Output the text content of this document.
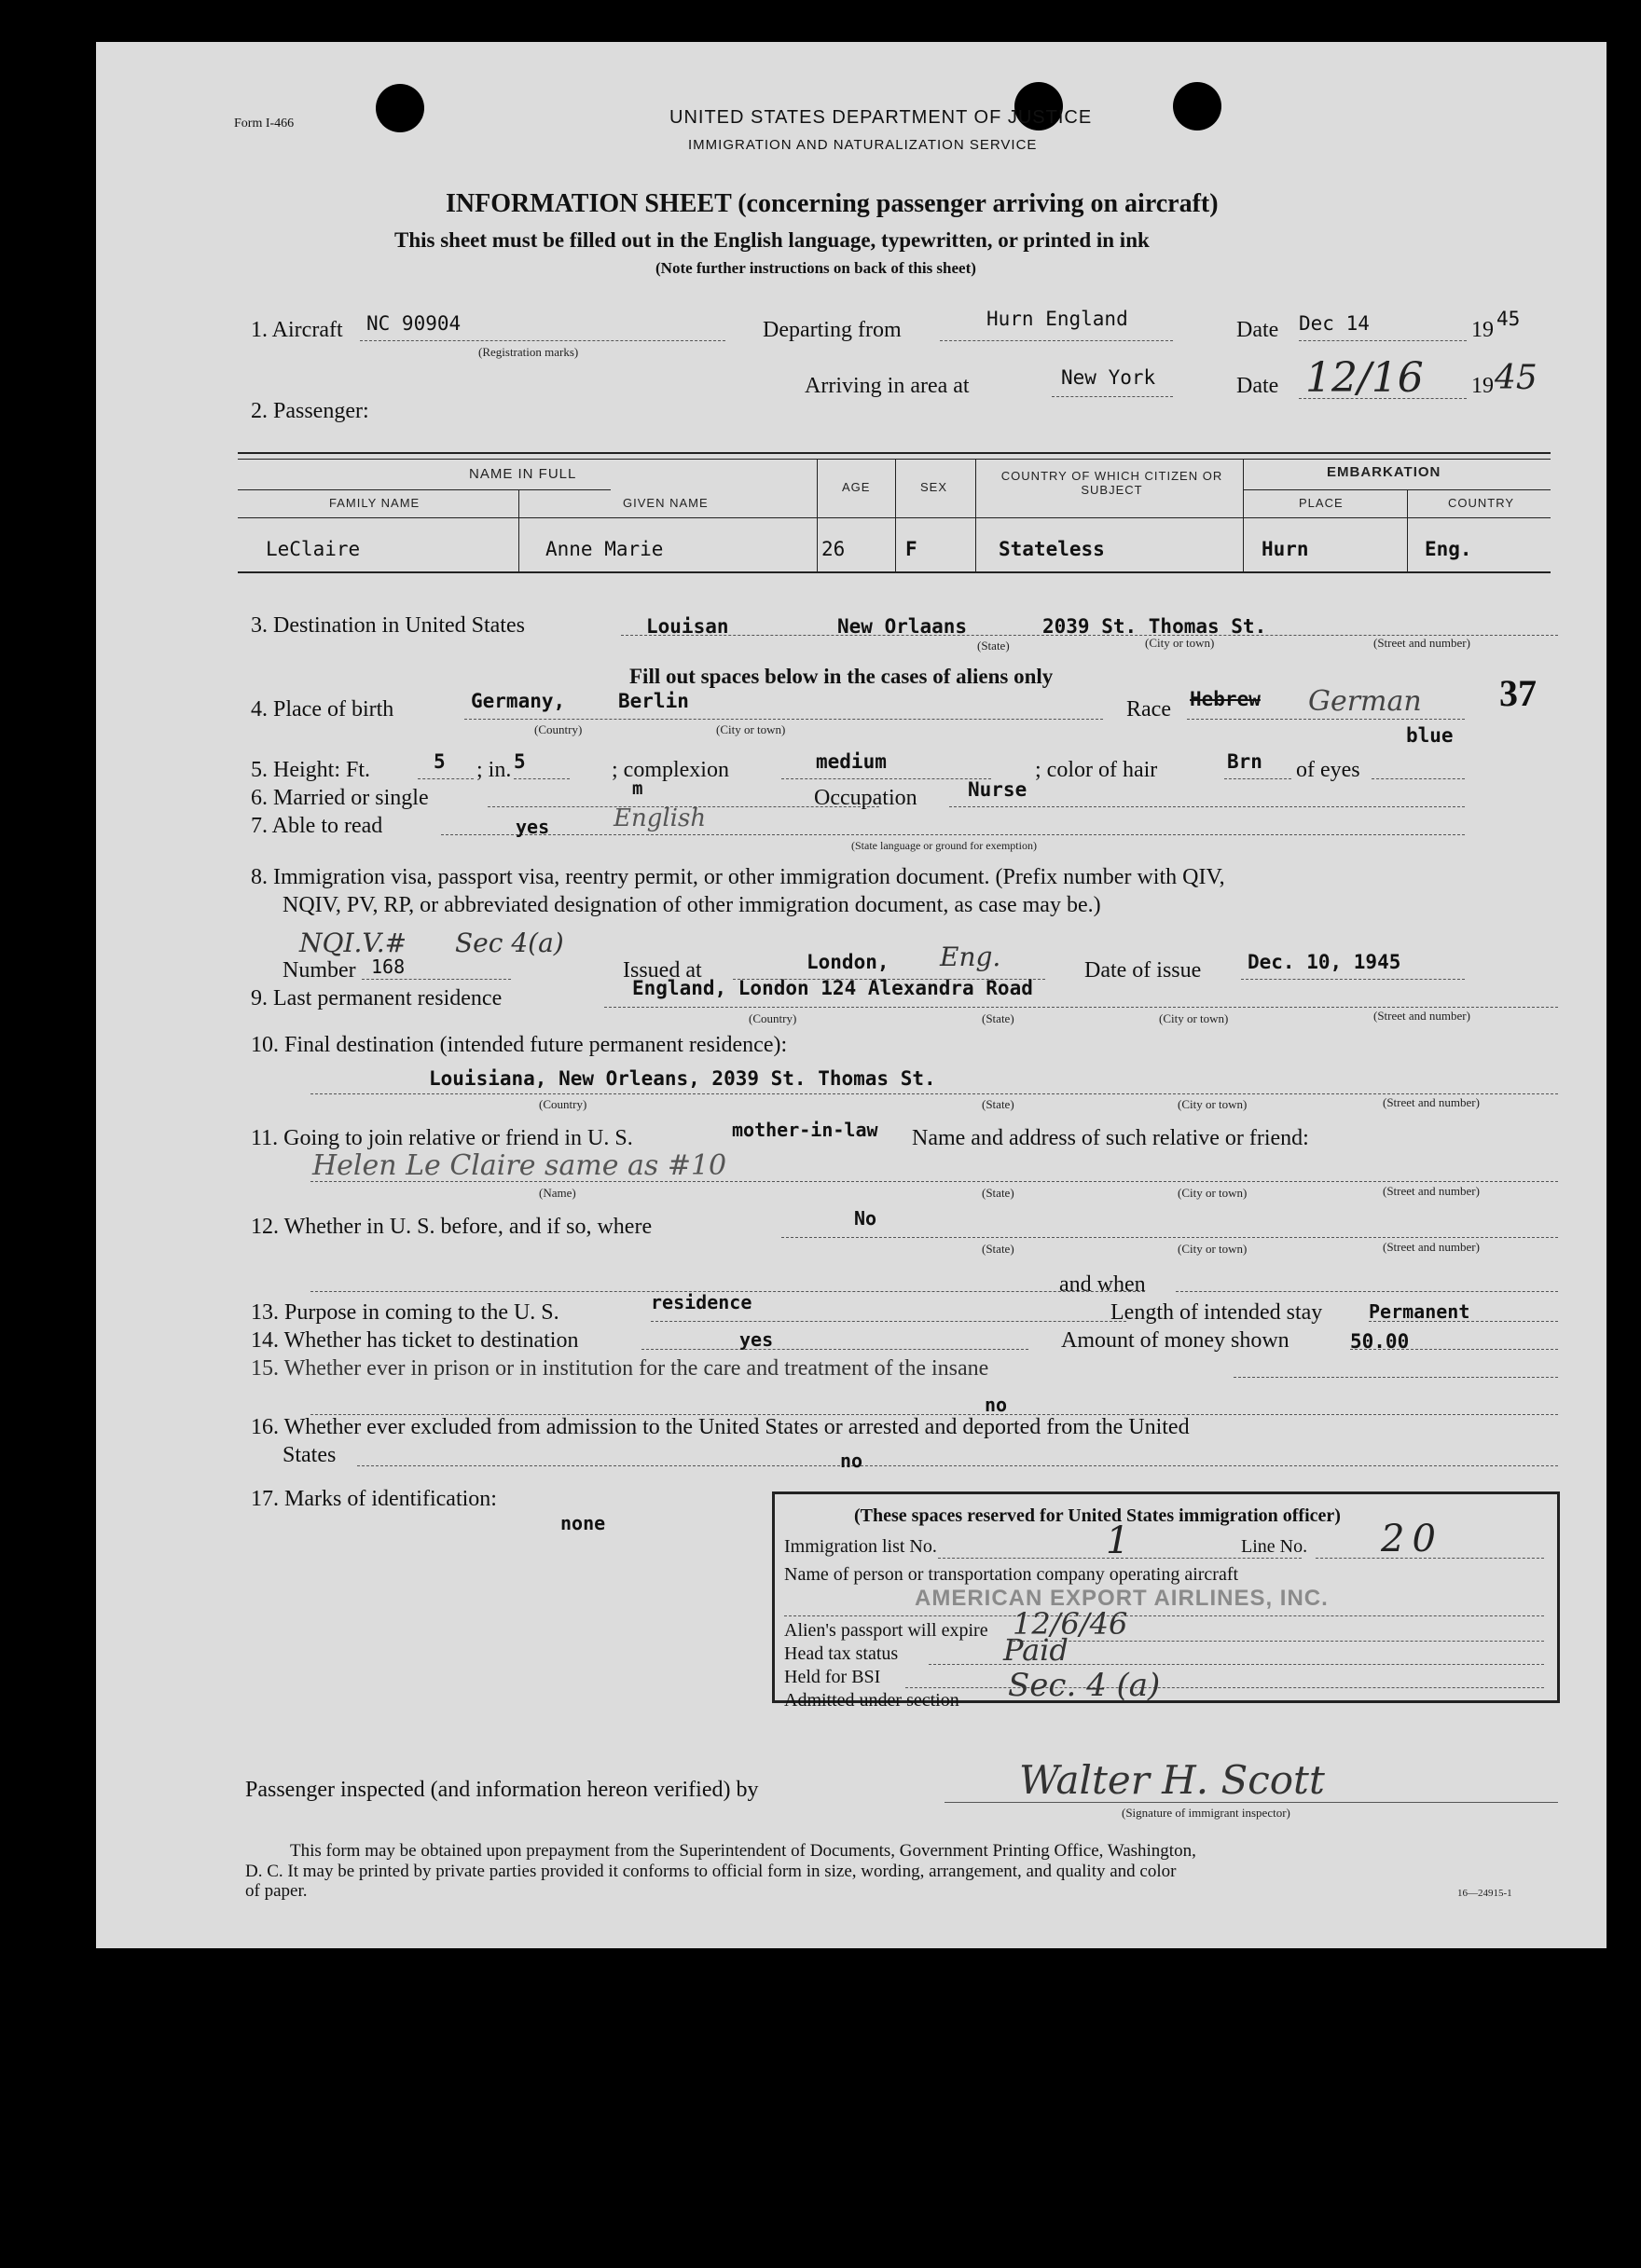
Form I-466	UNITED STATES DEPARTMENT OF JUSTICE
IMMIGRATION AND NATURALIZATION SERVICE
INFORMATION SHEET (concerning passenger arriving on aircraft)
This sheet must be filled out in the English language, typewritten, or printed in ink
(Note further instructions on back of this sheet)
1. Aircraft NC 90904
(Registration marks)
Departing from	Hurn England	Date Dec 14	19 45
Arriving in area at	New York	Date 12/16 19 45
2. Passenger:
NAME IN FULL
FAMILY NAME	GIVEN NAME
AGE	SEX
COUNTRY OF WHICH CITIZEN OR SUBJECT
EMBARKATION
PLACE	COUNTRY
LeClaire	Anne Marie	26	F	Stateless	Hurn	Eng.
3. Destination in United States	Louisan	New Orlaans	2039 St. Thomas St.
(State)	(City or town)	(Street and number)
Fill out spaces below in the cases of aliens only
4. Place of birth	Germany,	Berlin
(Country)	(City or town)
Race Hebrew German 37
5. Height: Ft.	5 ; in. 5	; complexion	medium	; color of hair	Brn of eyes
blue
6. Married or single	m	Occupation	Nurse
7. Able to read	yes	English
(State language or ground for exemption)
8. Immigration visa, passport visa, reentry permit, or other immigration document. (Prefix number with QIV,
NQIV, PV, RP, or abbreviated designation of other immigration document, as case may be.)
NQI.V.# Sec 4(a)
Number 168	Issued at	London, Eng.	Date of issue Dec. 10, 1945
9. Last permanent residence	England, London 124 Alexandra Road
(Country)	(State)	(City or town)	(Street and number)
10. Final destination (intended future permanent residence):
Louisiana, New Orleans, 2039 St. Thomas St.
(Country)	(State)	(City or town)	(Street and number)
11. Going to join relative or friend in U. S.	mother-in-law Name and address of such relative or friend:
Helen Le Claire same as #10
(Name)	(State)	(City or town)	(Street and number)
12. Whether in U. S. before, and if so, where	No
(State)	(City or town)	(Street and number)
and when
13. Purpose in coming to the U. S.	residence	Length of intended stay Permanent
14. Whether has ticket to destination	yes	Amount of money shown	50.00
15. Whether ever in prison or in institution for the care and treatment of the insane
no
16. Whether ever excluded from admission to the United States or arrested and deported from the United
States	no
17. Marks of identification:
none	(These spaces reserved for United States immigration officer)
Immigration list No.	1	Line No. 20
Name of person or transportation company operating aircraft
AMERICAN EXPORT AIRLINES, INC.
Alien's passport will expire 12/6/46
Head tax status	Paid
Held for BSI
Admitted under section Sec. 4 (a)
Passenger inspected (and information hereon verified) by	Walter H. Scott
(Signature of immigrant inspector)
This form may be obtained upon prepayment from the Superintendent of Documents, Government Printing Office, Washington,
D. C. It may be printed by private parties provided it conforms to official form in size, wording, arrangement, and quality and color
of paper.	16—24915-1
